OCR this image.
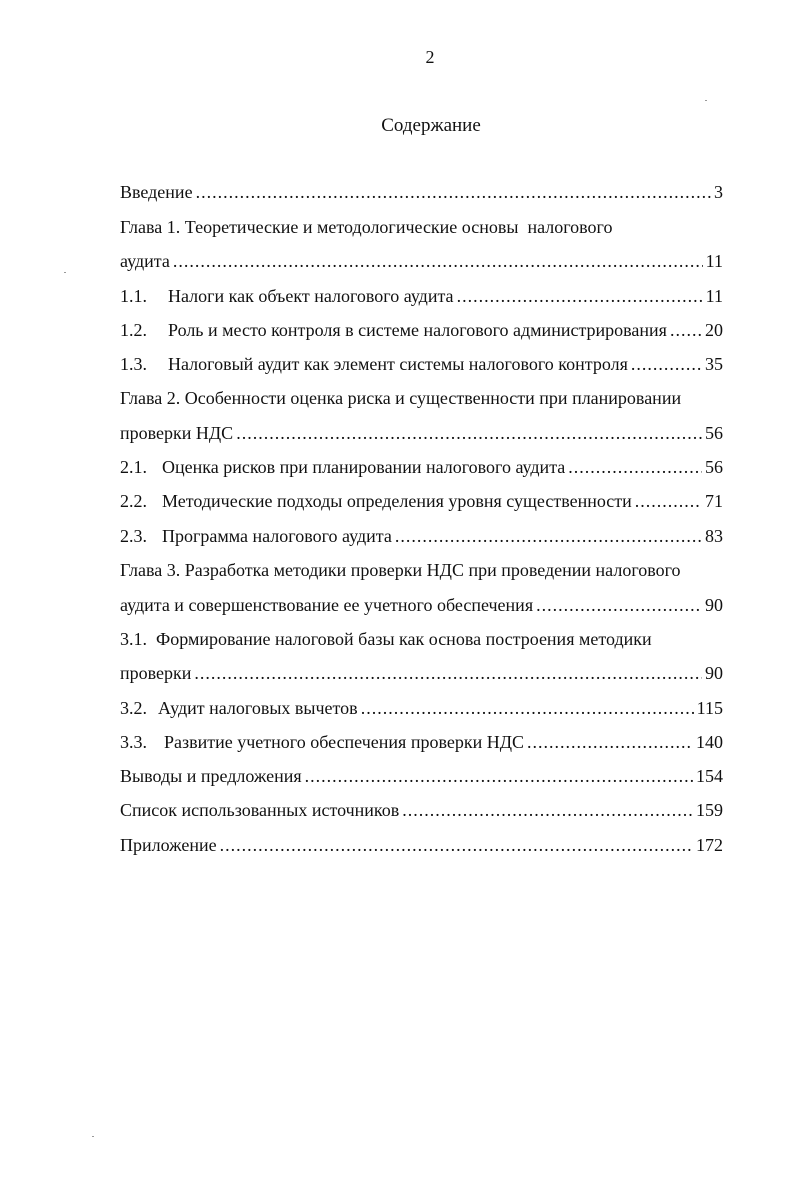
2
Содержание
Введение .....	3
Глава 1. Теоретические и методологические основы  налогового
аудита .....	11
1.1.	Налоги как объект налогового аудита .....	11
1.2.	Роль и место контроля в системе налогового администрирования ..... 20
1.3.	Налоговый аудит как элемент системы налогового контроля .....	35
Глава 2. Особенности оценка риска и существенности при планировании
проверки НДС .....	56
2.1. Оценка рисков при планировании налогового аудита .....	56
2.2. Методические подходы определения уровня существенности .....	71
2.3. Программа налогового аудита .....	83
Глава 3. Разработка методики проверки НДС при проведении налогового
аудита и совершенствование ее учетного обеспечения .....	90
3.1.  Формирование налоговой базы как основа построения методики
проверки .....	90
3.2. Аудит налоговых вычетов .....	115
3.3. Развитие учетного обеспечения проверки НДС .....	140
Выводы и предложения .....	154
Список использованных источников .....	159
Приложение .....	172
